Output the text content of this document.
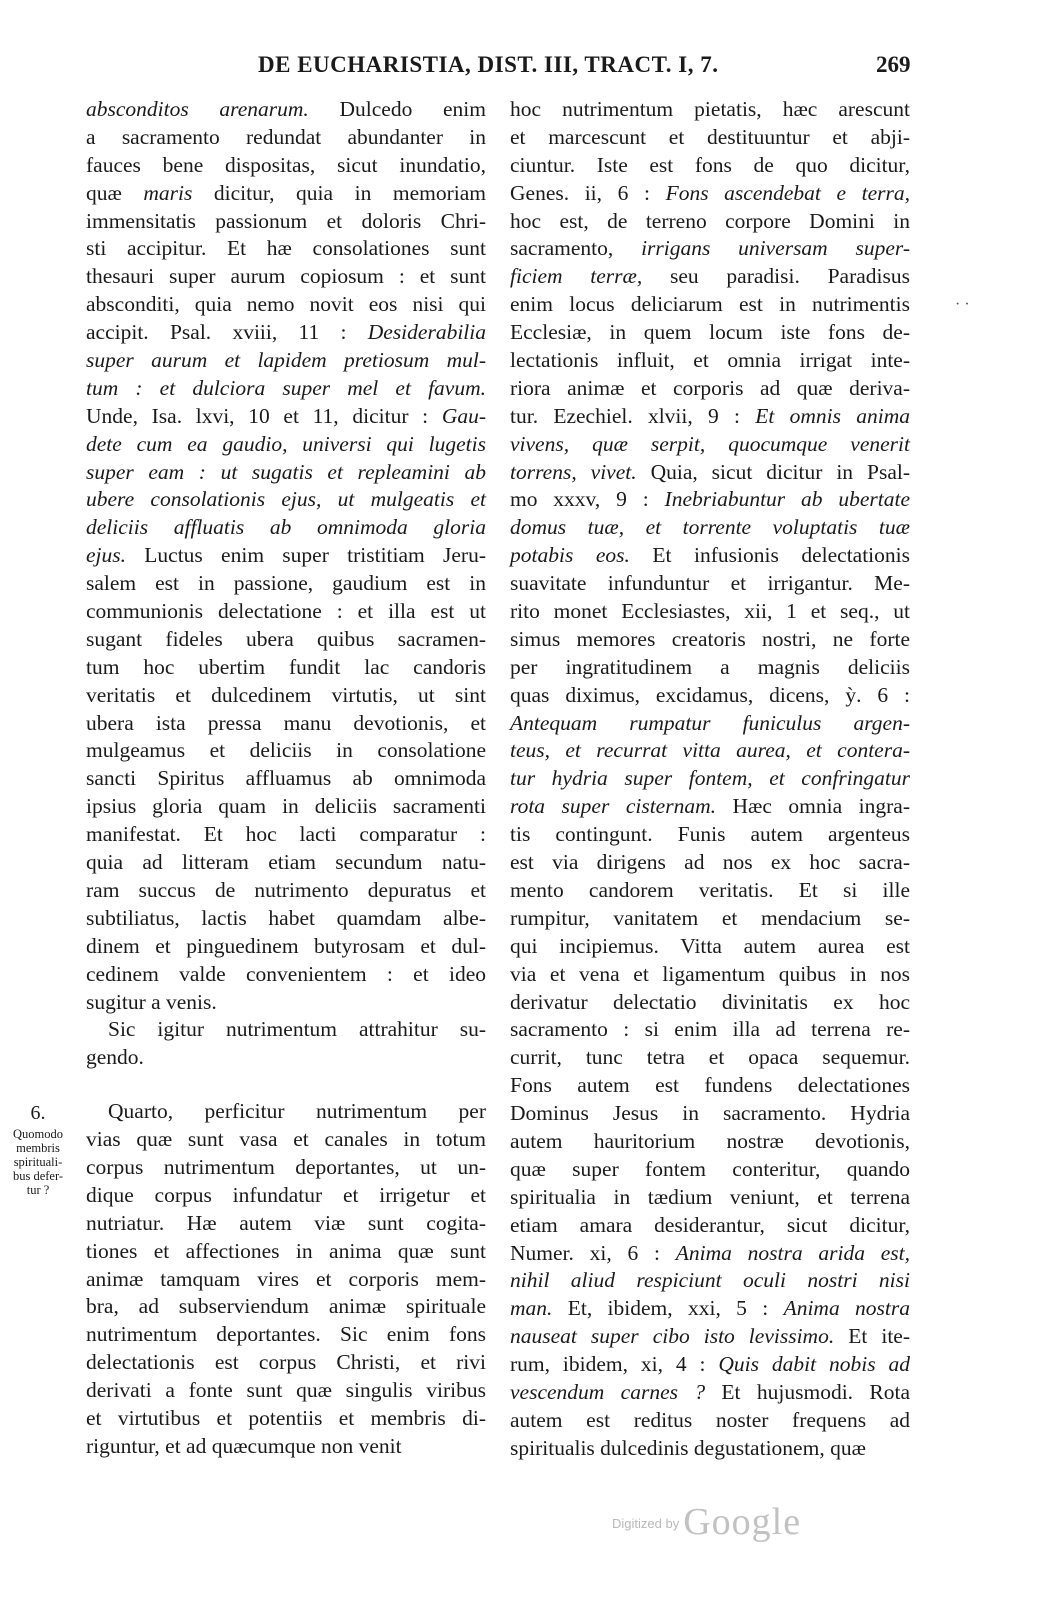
DE EUCHARISTIA, DIST. III, TRACT. I, 7.	269
absconditos arenarum. Dulcedo enim
a sacramento redundat abundanter in
fauces bene dispositas, sicut inundatio,
quæ maris dicitur, quia in memoriam
immensitatis passionum et doloris Chri-
sti accipitur. Et hæ consolationes sunt
thesauri super aurum copiosum : et sunt
absconditi, quia nemo novit eos nisi qui
accipit. Psal. xviii, 11 : Desiderabilia
super aurum et lapidem pretiosum mul-
tum : et dulciora super mel et favum.
Unde, Isa. lxvi, 10 et 11, dicitur : Gau-
dete cum ea gaudio, universi qui lugetis
super eam : ut sugatis et repleamini ab
ubere consolationis ejus, ut mulgeatis et
deliciis affluatis ab omnimoda gloria
ejus. Luctus enim super tristitiam Jeru-
salem est in passione, gaudium est in
communionis delectatione : et illa est ut
sugant fideles ubera quibus sacramen-
tum hoc ubertim fundit lac candoris
veritatis et dulcedinem virtutis, ut sint
ubera ista pressa manu devotionis, et
mulgeamus et deliciis in consolatione
sancti Spiritus affluamus ab omnimoda
ipsius gloria quam in deliciis sacramenti
manifestat. Et hoc lacti comparatur :
quia ad litteram etiam secundum natu-
ram succus de nutrimento depuratus et
subtiliatus, lactis habet quamdam albe-
dinem et pinguedinem butyrosam et dul-
cedinem valde convenientem : et ideo
sugitur a venis.
Sic igitur nutrimentum attrahitur su-
gendo.
Quarto, perficitur nutrimentum per
vias quæ sunt vasa et canales in totum
corpus nutrimentum deportantes, ut un-
dique corpus infundatur et irrigetur et
nutriatur. Hæ autem viæ sunt cogita-
tiones et affectiones in anima quæ sunt
animæ tamquam vires et corporis mem-
bra, ad subserviendum animæ spirituale
nutrimentum deportantes. Sic enim fons
delectationis est corpus Christi, et rivi
derivati a fonte sunt quæ singulis viribus
et virtutibus et potentiis et membris di-
riguntur, et ad quæcumque non venit
hoc nutrimentum pietatis, hæc arescunt
et marcescunt et destituuntur et abji-
ciuntur. Iste est fons de quo dicitur,
Genes. ii, 6 : Fons ascendebat e terra,
hoc est, de terreno corpore Domini in
sacramento, irrigans universam super-
ficiem terræ, seu paradisi. Paradisus
enim locus deliciarum est in nutrimentis
Ecclesiæ, in quem locum iste fons de-
lectationis influit, et omnia irrigat inte-
riora animæ et corporis ad quæ deriva-
tur. Ezechiel. xlvii, 9 : Et omnis anima
vivens, quæ serpit, quocumque venerit
torrens, vivet. Quia, sicut dicitur in Psal-
mo xxxv, 9 : Inebriabuntur ab ubertate
domus tuæ, et torrente voluptatis tuæ
potabis eos. Et infusionis delectationis
suavitate infunduntur et irrigantur. Me-
rito monet Ecclesiastes, xii, 1 et seq., ut
simus memores creatoris nostri, ne forte
per ingratitudinem a magnis deliciis
quas diximus, excidamus, dicens, ỳ. 6 :
Antequam rumpatur funiculus argen-
teus, et recurrat vitta aurea, et contera-
tur hydria super fontem, et confringatur
rota super cisternam. Hæc omnia ingra-
tis contingunt. Funis autem argenteus
est via dirigens ad nos ex hoc sacra-
mento candorem veritatis. Et si ille
rumpitur, vanitatem et mendacium se-
qui incipiemus. Vitta autem aurea est
via et vena et ligamentum quibus in nos
derivatur delectatio divinitatis ex hoc
sacramento : si enim illa ad terrena re-
currit, tunc tetra et opaca sequemur.
Fons autem est fundens delectationes
Dominus Jesus in sacramento. Hydria
autem hauritorium nostræ devotionis,
quæ super fontem conteritur, quando
spiritualia in tædium veniunt, et terrena
etiam amara desiderantur, sicut dicitur,
Numer. xi, 6 : Anima nostra arida est,
nihil aliud respiciunt oculi nostri nisi
man. Et, ibidem, xxi, 5 : Anima nostra
nauseat super cibo isto levissimo. Et ite-
rum, ibidem, xi, 4 : Quis dabit nobis ad
vescendum carnes ? Et hujusmodi. Rota
autem est reditus noster frequens ad
spiritualis dulcedinis degustationem, quæ
6.
Quomodo
membris
spirituali-
bus defer-
tur ?
··
$^{Digitized by}$ Google
